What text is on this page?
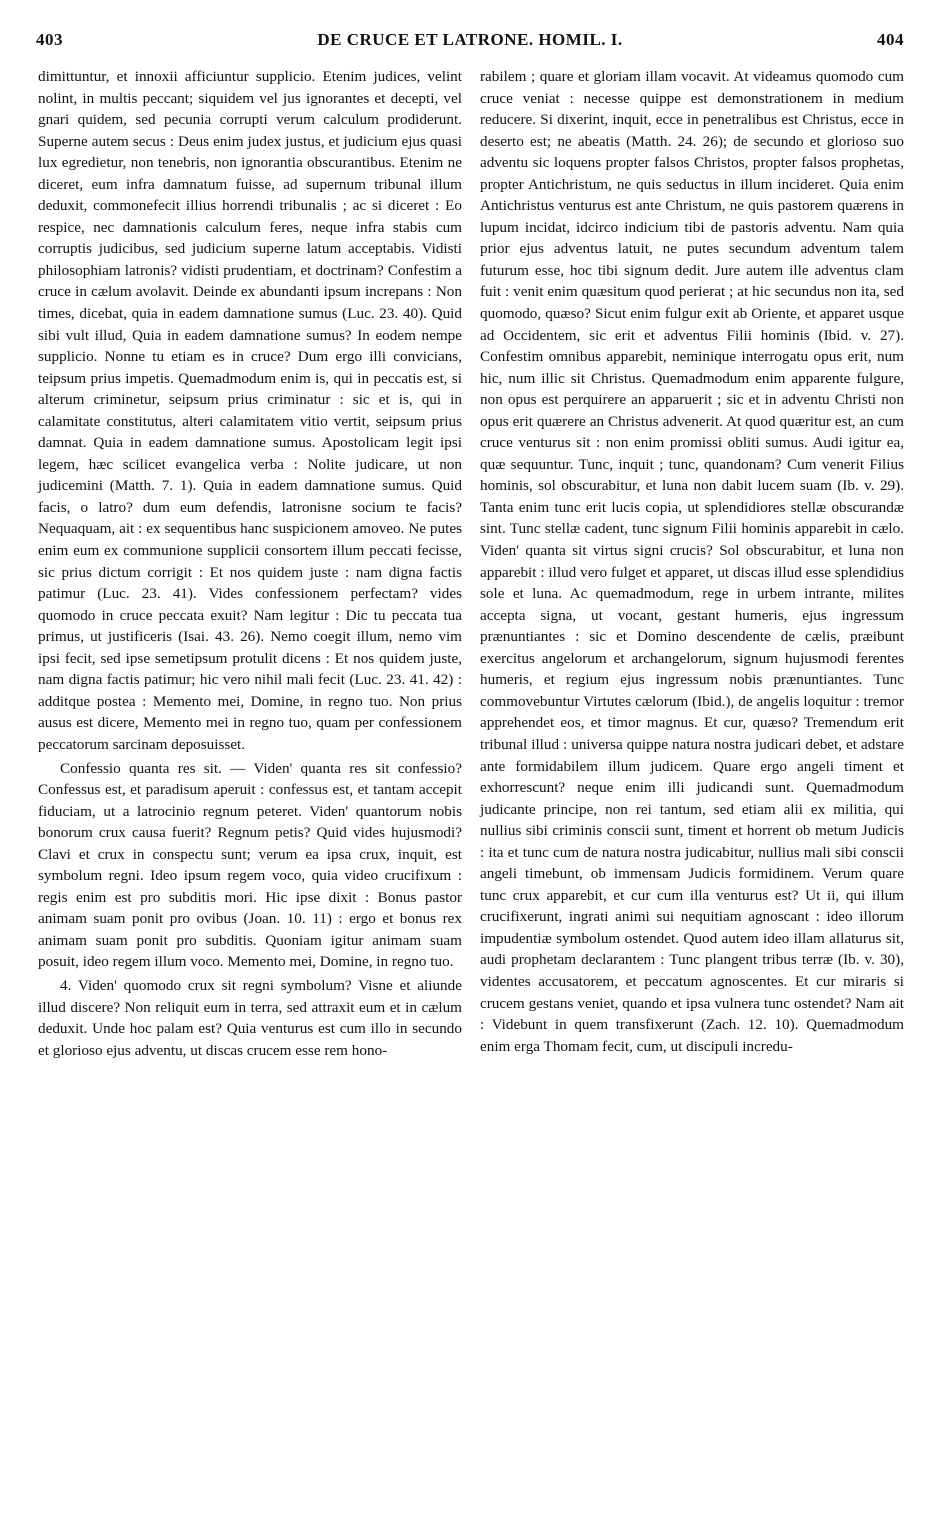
403	DE CRUCE ET LATRONE. HOMIL. I.	404

dimittuntur, et innoxii afficiuntur supplicio. Etenim judices, velint nolint, in multis peccant; siquidem vel jus ignorantes et decepti, vel gnari quidem, sed pecunia corrupti verum calculum prodiderunt. Superne autem secus : Deus enim judex justus, et judicium ejus quasi lux egredietur, non tenebris, non ignorantia obscurantibus. Etenim ne diceret, eum infra damnatum fuisse, ad supernum tribunal illum deduxit, commonefecit illius horrendi tribunalis ; ac si diceret : Eo respice, nec damnationis calculum feres, neque infra stabis cum corruptis judicibus, sed judicium superne latum acceptabis. Vidisti philosophiam latronis? vidisti prudentiam, et doctrinam? Confestim a cruce in cælum avolavit. Deinde ex abundanti ipsum increpans : Non times, dicebat, quia in eadem damnatione sumus (Luc. 23. 40). Quid sibi vult illud, Quia in eadem damnatione sumus? In eodem nempe supplicio. Nonne tu etiam es in cruce? Dum ergo illi convicians, teipsum prius impetis. Quemadmodum enim is, qui in peccatis est, si alterum criminetur, seipsum prius criminatur : sic et is, qui in calamitate constitutus, alteri calamitatem vitio vertit, seipsum prius damnat. Quia in eadem damnatione sumus. Apostolicam legit ipsi legem, hæc scilicet evangelica verba : Nolite judicare, ut non judicemini (Matth. 7. 1). Quia in eadem damnatione sumus. Quid facis, o latro? dum eum defendis, latronisne socium te facis? Nequaquam, ait : ex sequentibus hanc suspicionem amoveo. Ne putes enim eum ex communione supplicii consortem illum peccati fecisse, sic prius dictum corrigit : Et nos quidem juste : nam digna factis patimur (Luc. 23. 41). Vides confessionem perfectam? vides quomodo in cruce peccata exuit? Nam legitur : Dic tu peccata tua primus, ut justificeris (Isai. 43. 26). Nemo coegit illum, nemo vim ipsi fecit, sed ipse semetipsum protulit dicens : Et nos quidem juste, nam digna factis patimur; hic vero nihil mali fecit (Luc. 23. 41. 42) : additque postea : Memento mei, Domine, in regno tuo. Non prius ausus est dicere, Memento mei in regno tuo, quam per confessionem peccatorum sarcinam deposuisset.

Confessio quanta res sit. — Viden' quanta res sit confessio? Confessus est, et paradisum aperuit : confessus est, et tantam accepit fiduciam, ut a latrocinio regnum peteret. Viden' quantorum nobis bonorum crux causa fuerit? Regnum petis? Quid vides hujusmodi? Clavi et crux in conspectu sunt; verum ea ipsa crux, inquit, est symbolum regni. Ideo ipsum regem voco, quia video crucifixum : regis enim est pro subditis mori. Hic ipse dixit : Bonus pastor animam suam ponit pro ovibus (Joan. 10. 11) : ergo et bonus rex animam suam ponit pro subditis. Quoniam igitur animam suam posuit, ideo regem illum voco. Memento mei, Domine, in regno tuo.

4. Viden' quomodo crux sit regni symbolum? Visne et aliunde illud discere? Non reliquit eum in terra, sed attraxit eum et in cælum deduxit. Unde hoc palam est? Quia venturus est cum illo in secundo et glorioso ejus adventu, ut discas crucem esse rem hono-

rabilem ; quare et gloriam illam vocavit. At videamus quomodo cum cruce veniat : necesse quippe est demonstrationem in medium reducere. Si dixerint, inquit, ecce in penetralibus est Christus, ecce in deserto est; ne abeatis (Matth. 24. 26); de secundo et glorioso suo adventu sic loquens propter falsos Christos, propter falsos prophetas, propter Antichristum, ne quis seductus in illum incideret. Quia enim Antichristus venturus est ante Christum, ne quis pastorem quærens in lupum incidat, idcirco indicium tibi de pastoris adventu. Nam quia prior ejus adventus latuit, ne putes secundum adventum talem futurum esse, hoc tibi signum dedit. Jure autem ille adventus clam fuit : venit enim quæsitum quod perierat ; at hic secundus non ita, sed quomodo, quæso? Sicut enim fulgur exit ab Oriente, et apparet usque ad Occidentem, sic erit et adventus Filii hominis (Ibid. v. 27). Confestim omnibus apparebit, neminique interrogatu opus erit, num hic, num illic sit Christus. Quemadmodum enim apparente fulgure, non opus est perquirere an apparuerit ; sic et in adventu Christi non opus erit quærere an Christus advenerit. At quod quæritur est, an cum cruce venturus sit : non enim promissi obliti sumus. Audi igitur ea, quæ sequuntur. Tunc, inquit ; tunc, quandonam? Cum venerit Filius hominis, sol obscurabitur, et luna non dabit lucem suam (Ib. v. 29). Tanta enim tunc erit lucis copia, ut splendidiores stellæ obscurandæ sint. Tunc stellæ cadent, tunc signum Filii hominis apparebit in cælo. Viden' quanta sit virtus signi crucis? Sol obscurabitur, et luna non apparebit : illud vero fulget et apparet, ut discas illud esse splendidius sole et luna. Ac quemadmodum, rege in urbem intrante, milites accepta signa, ut vocant, gestant humeris, ejus ingressum prænuntiantes : sic et Domino descendente de cælis, præibunt exercitus angelorum et archangelorum, signum hujusmodi ferentes humeris, et regium ejus ingressum nobis prænuntiantes. Tunc commovebuntur Virtutes cælorum (Ibid.), de angelis loquitur : tremor apprehendet eos, et timor magnus. Et cur, quæso? Tremendum erit tribunal illud : universa quippe natura nostra judicari debet, et adstare ante formidabilem illum judicem. Quare ergo angeli timent et exhorrescunt? neque enim illi judicandi sunt. Quemadmodum judicante principe, non rei tantum, sed etiam alii ex militia, qui nullius sibi criminis conscii sunt, timent et horrent ob metum Judicis : ita et tunc cum de natura nostra judicabitur, nullius mali sibi conscii angeli timebunt, ob immensam Judicis formidinem. Verum quare tunc crux apparebit, et cur cum illa venturus est? Ut ii, qui illum crucifixerunt, ingrati animi sui nequitiam agnoscant : ideo illorum impudentiæ symbolum ostendet. Quod autem ideo illam allaturus sit, audi prophetam declarantem : Tunc plangent tribus terræ (Ib. v. 30), videntes accusatorem, et peccatum agnoscentes. Et cur miraris si crucem gestans veniet, quando et ipsa vulnera tunc ostendet? Nam ait : Videbunt in quem transfixerunt (Zach. 12. 10). Quemadmodum enim erga Thomam fecit, cum, ut discipuli incredu-
